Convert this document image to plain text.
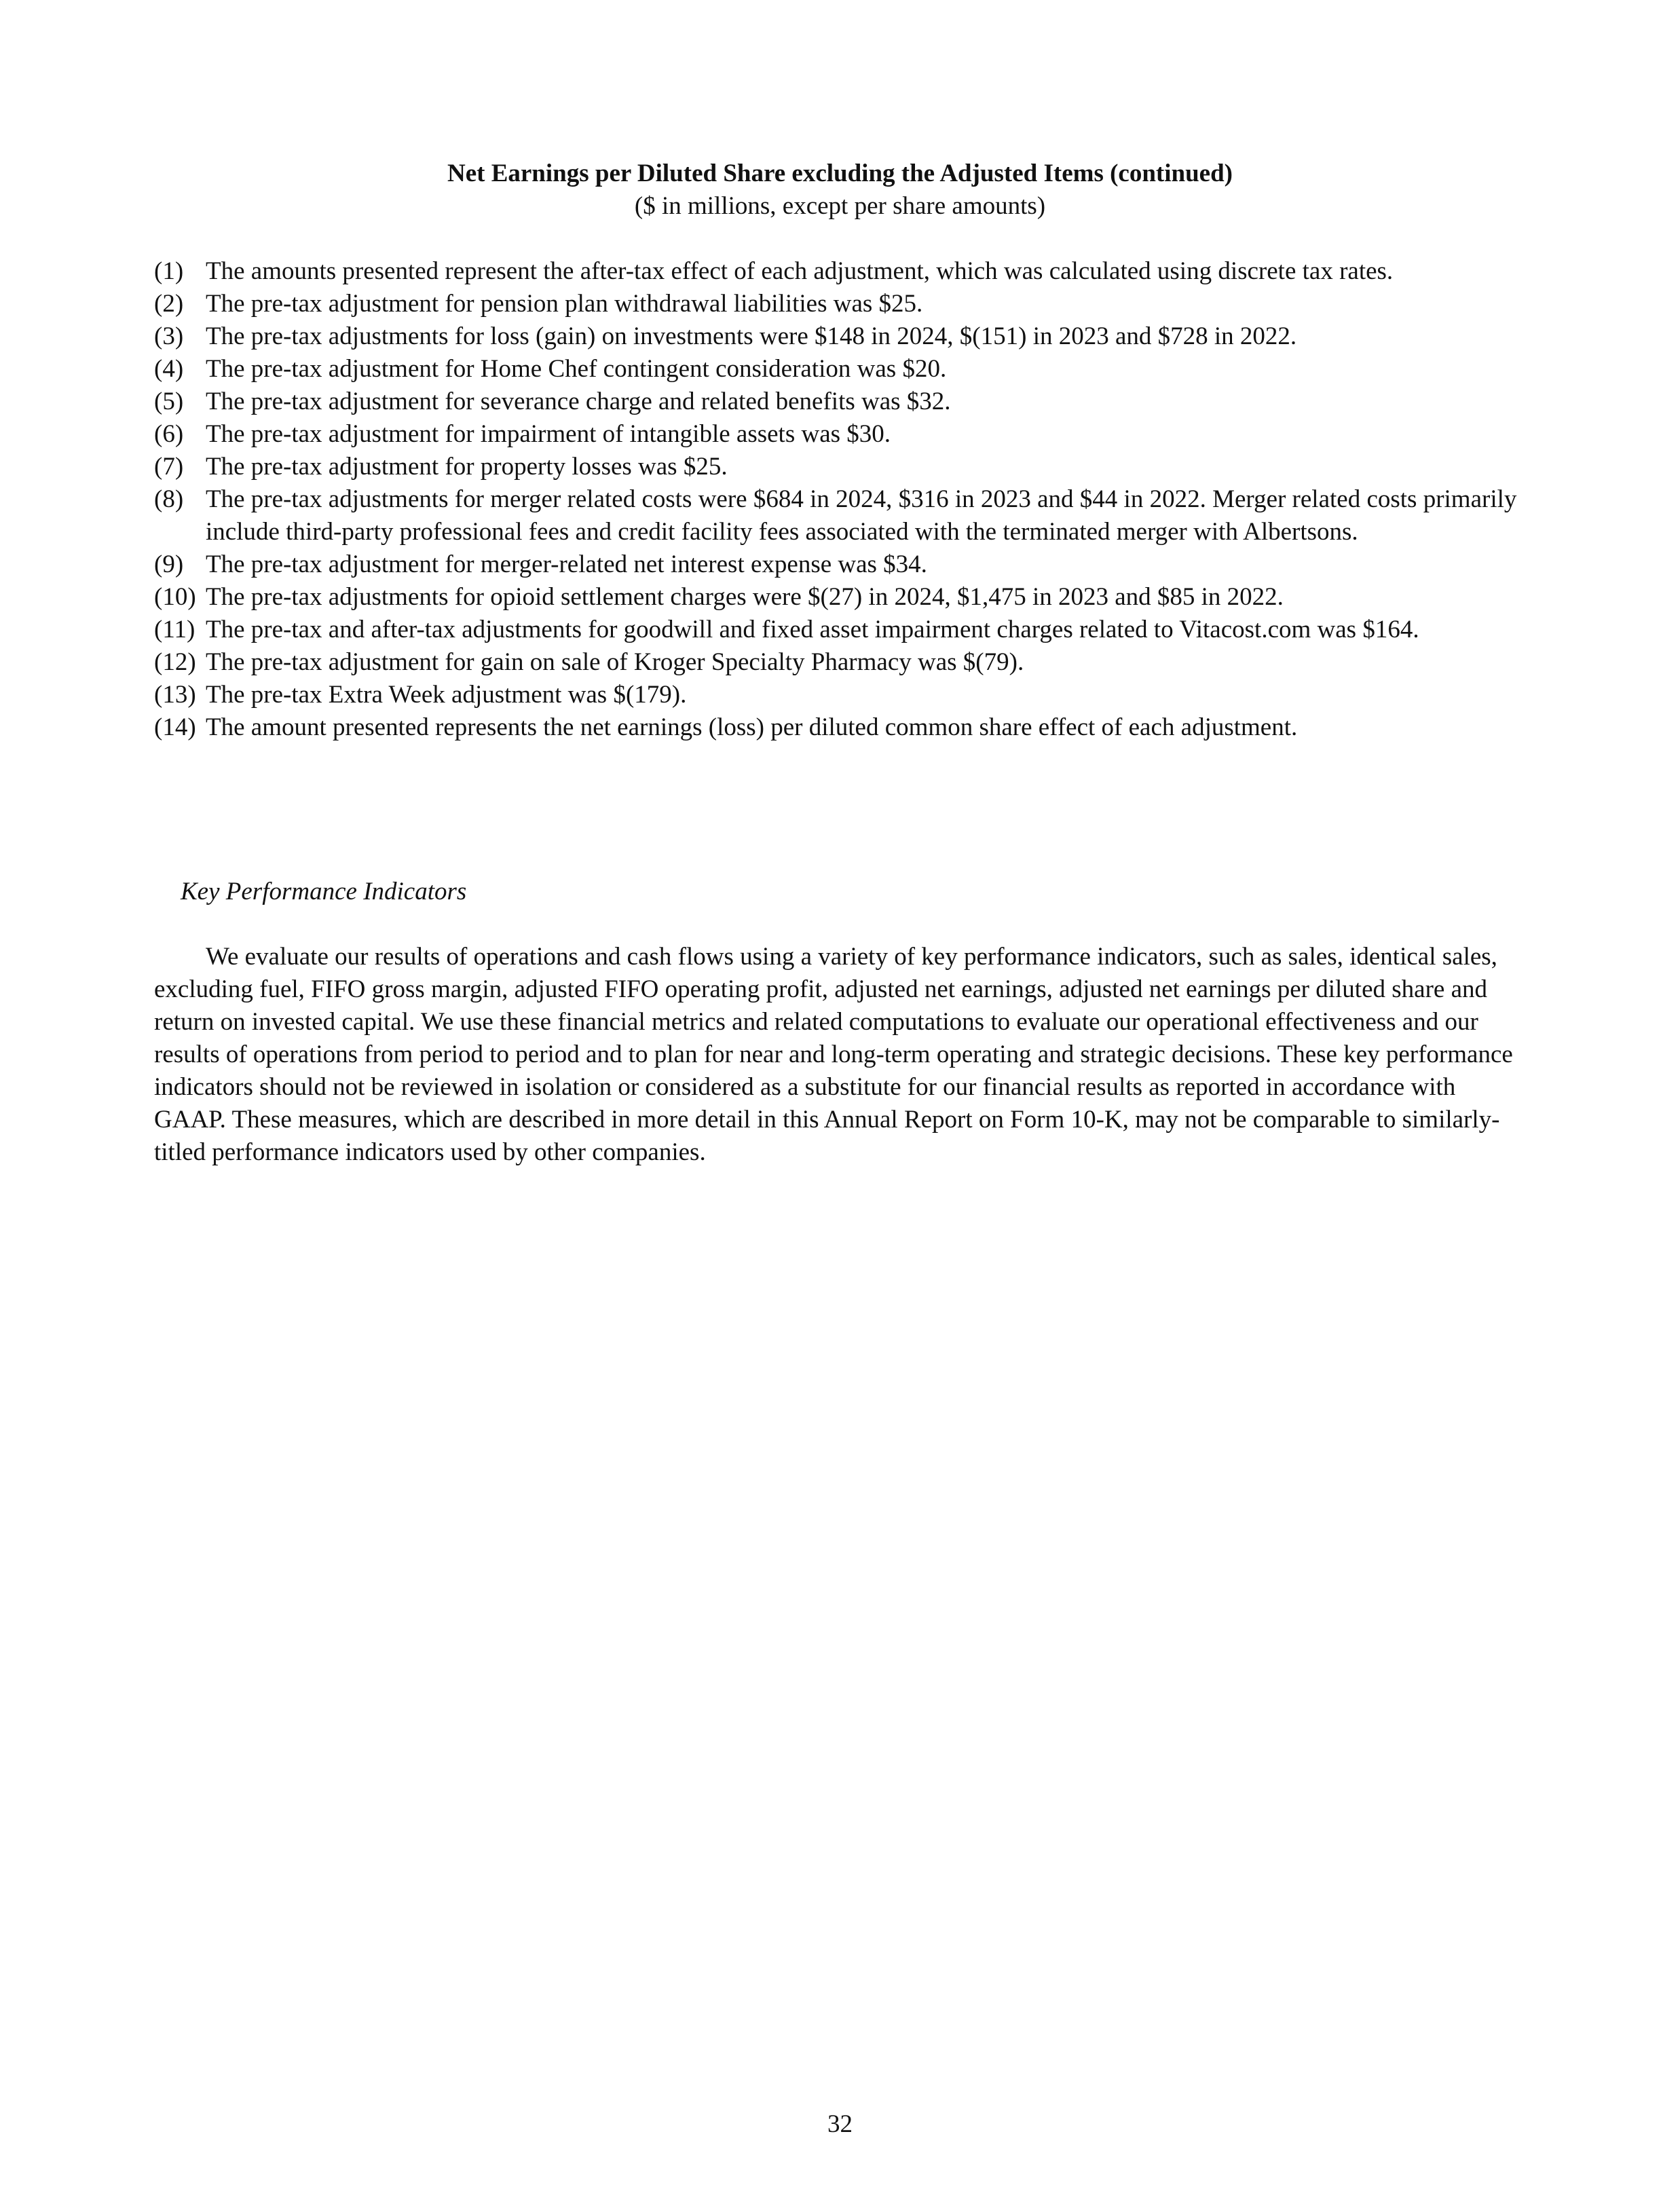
Net Earnings per Diluted Share excluding the Adjusted Items (continued)
($ in millions, except per share amounts)
(1) The amounts presented represent the after-tax effect of each adjustment, which was calculated using discrete tax rates.
(2) The pre-tax adjustment for pension plan withdrawal liabilities was $25.
(3) The pre-tax adjustments for loss (gain) on investments were $148 in 2024, $(151) in 2023 and $728 in 2022.
(4) The pre-tax adjustment for Home Chef contingent consideration was $20.
(5) The pre-tax adjustment for severance charge and related benefits was $32.
(6) The pre-tax adjustment for impairment of intangible assets was $30.
(7) The pre-tax adjustment for property losses was $25.
(8) The pre-tax adjustments for merger related costs were $684 in 2024, $316 in 2023 and $44 in 2022. Merger related costs primarily include third-party professional fees and credit facility fees associated with the terminated merger with Albertsons.
(9) The pre-tax adjustment for merger-related net interest expense was $34.
(10) The pre-tax adjustments for opioid settlement charges were $(27) in 2024, $1,475 in 2023 and $85 in 2022.
(11) The pre-tax and after-tax adjustments for goodwill and fixed asset impairment charges related to Vitacost.com was $164.
(12) The pre-tax adjustment for gain on sale of Kroger Specialty Pharmacy was $(79).
(13) The pre-tax Extra Week adjustment was $(179).
(14) The amount presented represents the net earnings (loss) per diluted common share effect of each adjustment.
Key Performance Indicators

We evaluate our results of operations and cash flows using a variety of key performance indicators, such as sales, identical sales, excluding fuel, FIFO gross margin, adjusted FIFO operating profit, adjusted net earnings, adjusted net earnings per diluted share and return on invested capital. We use these financial metrics and related computations to evaluate our operational effectiveness and our results of operations from period to period and to plan for near and long-term operating and strategic decisions. These key performance indicators should not be reviewed in isolation or considered as a substitute for our financial results as reported in accordance with GAAP. These measures, which are described in more detail in this Annual Report on Form 10-K, may not be comparable to similarly-titled performance indicators used by other companies.

32
